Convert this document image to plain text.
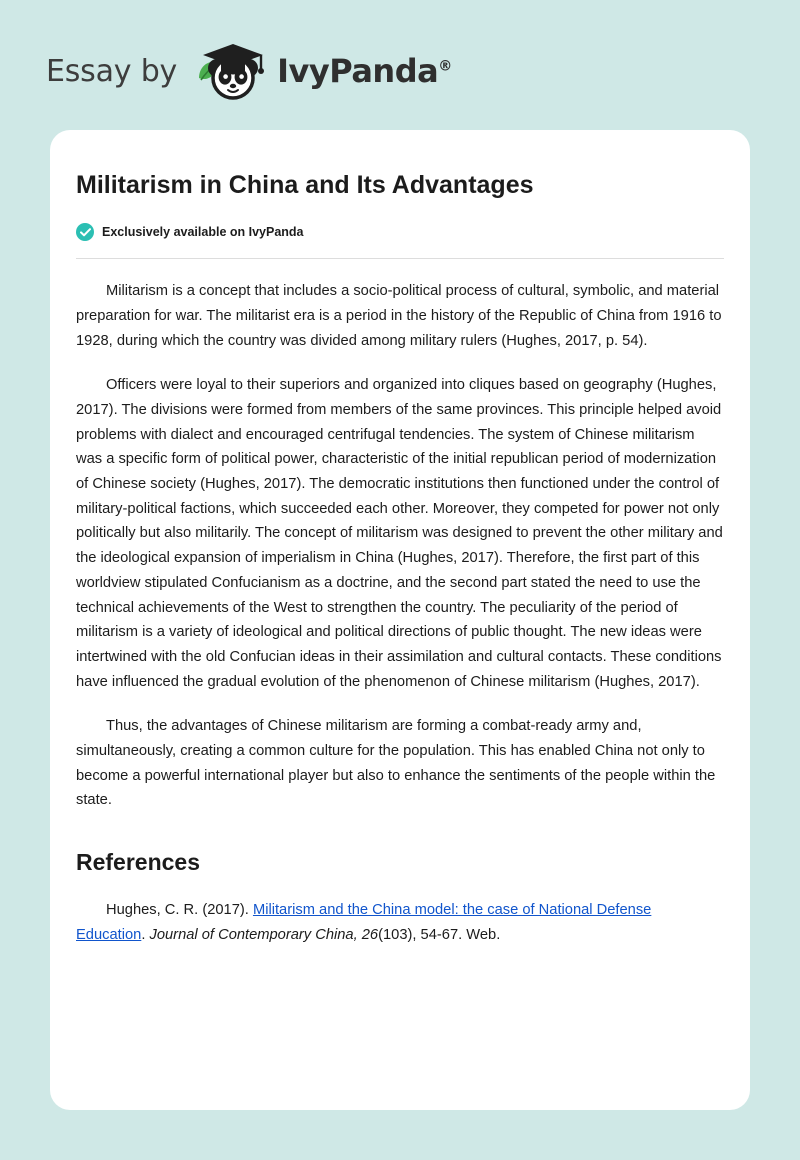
Essay by	IvyPanda®
Militarism in China and Its Advantages
Exclusively available on IvyPanda

Militarism is a concept that includes a socio-political process of cultural, symbolic, and material preparation for war. The militarist era is a period in the history of the Republic of China from 1916 to 1928, during which the country was divided among military rulers (Hughes, 2017, p. 54).

Officers were loyal to their superiors and organized into cliques based on geography (Hughes, 2017). The divisions were formed from members of the same provinces. This principle helped avoid problems with dialect and encouraged centrifugal tendencies. The system of Chinese militarism was a specific form of political power, characteristic of the initial republican period of modernization of Chinese society (Hughes, 2017). The democratic institutions then functioned under the control of military-political factions, which succeeded each other. Moreover, they competed for power not only politically but also militarily. The concept of militarism was designed to prevent the other military and the ideological expansion of imperialism in China (Hughes, 2017). Therefore, the first part of this worldview stipulated Confucianism as a doctrine, and the second part stated the need to use the technical achievements of the West to strengthen the country. The peculiarity of the period of militarism is a variety of ideological and political directions of public thought. The new ideas were intertwined with the old Confucian ideas in their assimilation and cultural contacts. These conditions have influenced the gradual evolution of the phenomenon of Chinese militarism (Hughes, 2017).

Thus, the advantages of Chinese militarism are forming a combat-ready army and, simultaneously, creating a common culture for the population. This has enabled China not only to become a powerful international player but also to enhance the sentiments of the people within the state.

References

Hughes, C. R. (2017). Militarism and the China model: the case of National Defense Education. Journal of Contemporary China, 26(103), 54-67. Web.
